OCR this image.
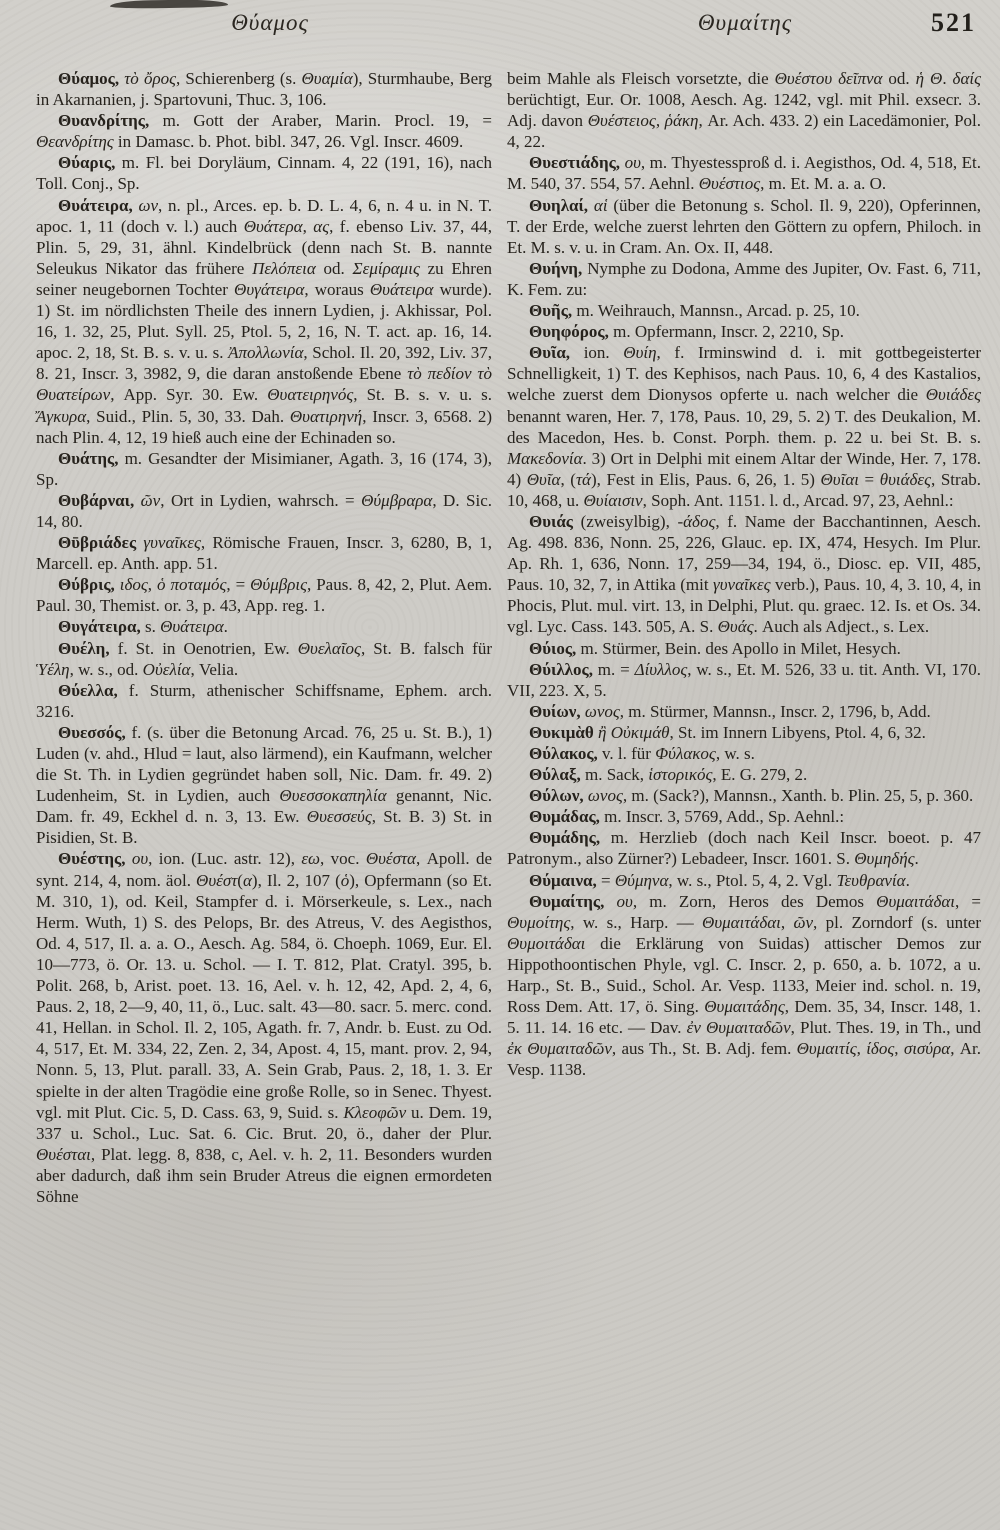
Θύαμος	Θυμαίτης	521

Θύαμος, τὸ ὄρος, Schierenberg (s. Θυαμία), Sturmhaube, Berg in Akarnanien, j. Spartovuni, Thuc. 3, 106.

Θυανδρίτης, m. Gott der Araber, Marin. Procl. 19, = Θεανδρίτης in Damasc. b. Phot. bibl. 347, 26. Vgl. Inscr. 4609.

Θύαρις, m. Fl. bei Doryläum, Cinnam. 4, 22 (191, 16), nach Toll. Conj., Sp.

Θυάτειρα, ων, n. pl., Arces. ep. b. D. L. 4, 6, n. 4 u. in N. T. apoc. 1, 11 (doch v. l.) auch Θυάτερα, ας, f. ebenso Liv. 37, 44, Plin. 5, 29, 31, ähnl. Kindelbrück (denn nach St. B. nannte Seleukus Nikator das frühere Πελόπεια od. Σεμίραμις zu Ehren seiner neugebornen Tochter Θυγάτειρα, woraus Θυάτειρα wurde). 1) St. im nördlichsten Theile des innern Lydien, j. Akhissar, Pol. 16, 1. 32, 25, Plut. Syll. 25, Ptol. 5, 2, 16, N. T. act. ap. 16, 14. apoc. 2, 18, St. B. s. v. u. s. Ἀπολλωνία, Schol. Il. 20, 392, Liv. 37, 8. 21, Inscr. 3, 3982, 9, die daran anstoßende Ebene τὸ πεδίον τὸ Θυατείρων, App. Syr. 30. Ew. Θυατειρηνός, St. B. s. v. u. s. Ἄγκυρα, Suid., Plin. 5, 30, 33. Dah. Θυατιρηνή, Inscr. 3, 6568. 2) nach Plin. 4, 12, 19 hieß auch eine der Echinaden so.

Θυάτης, m. Gesandter der Misimianer, Agath. 3, 16 (174, 3), Sp.

Θυβάρναι, ῶν, Ort in Lydien, wahrsch. = Θύμβραρα, D. Sic. 14, 80.

Θῡβριάδες γυναῖκες, Römische Frauen, Inscr. 3, 6280, B, 1, Marcell. ep. Anth. app. 51.

Θύβρις, ιδος, ὁ ποταμός, = Θύμβρις, Paus. 8, 42, 2, Plut. Aem. Paul. 30, Themist. or. 3, p. 43, App. reg. 1.

Θυγάτειρα, s. Θυάτειρα.

Θυέλη, f. St. in Oenotrien, Ew. Θυελαῖος, St. B. falsch für Ὑέλη, w. s., od. Οὐελία, Velia.

Θύελλα, f. Sturm, athenischer Schiffsname, Ephem. arch. 3216.

Θυεσσός, f. (s. über die Betonung Arcad. 76, 25 u. St. B.), 1) Luden (v. ahd., Hlud = laut, also lärmend), ein Kaufmann, welcher die St. Th. in Lydien gegründet haben soll, Nic. Dam. fr. 49. 2) Ludenheim, St. in Lydien, auch Θυεσσοκαπηλία genannt, Nic. Dam. fr. 49, Eckhel d. n. 3, 13. Ew. Θυεσσεύς, St. B. 3) St. in Pisidien, St. B.

Θυέστης, ου, ion. (Luc. astr. 12), εω, voc. Θυέστα, Apoll. de synt. 214, 4, nom. äol. Θυέστ(α), Il. 2, 107 (ὁ), Opfermann (so Et. M. 310, 1), od. Keil, Stampfer d. i. Mörserkeule, s. Lex., nach Herm. Wuth, 1) S. des Pelops, Br. des Atreus, V. des Aegisthos, Od. 4, 517, Il. a. a. O., Aesch. Ag. 584, ö. Choeph. 1069, Eur. El. 10—773, ö. Or. 13. u. Schol. — I. T. 812, Plat. Cratyl. 395, b. Polit. 268, b, Arist. poet. 13. 16, Ael. v. h. 12, 42, Apd. 2, 4, 6, Paus. 2, 18, 2—9, 40, 11, ö., Luc. salt. 43—80. sacr. 5. merc. cond. 41, Hellan. in Schol. Il. 2, 105, Agath. fr. 7, Andr. b. Eust. zu Od. 4, 517, Et. M. 334, 22, Zen. 2, 34, Apost. 4, 15, mant. prov. 2, 94, Nonn. 5, 13, Plut. parall. 33, A. Sein Grab, Paus. 2, 18, 1. 3. Er spielte in der alten Tragödie eine große Rolle, so in Senec. Thyest. vgl. mit Plut. Cic. 5, D. Cass. 63, 9, Suid. s. Κλεοφῶν u. Dem. 19, 337 u. Schol., Luc. Sat. 6. Cic. Brut. 20, ö., daher der Plur. Θυέσται, Plat. legg. 8, 838, c, Ael. v. h. 2, 11. Besonders wurden aber dadurch, daß ihm sein Bruder Atreus die eignen ermordeten Söhne

beim Mahle als Fleisch vorsetzte, die Θυέστου δεῖπνα od. ἡ Θ. δαίς berüchtigt, Eur. Or. 1008, Aesch. Ag. 1242, vgl. mit Phil. exsecr. 3. Adj. davon Θυέστειος, ῥάκη, Ar. Ach. 433. 2) ein Lacedämonier, Pol. 4, 22.

Θυεστιάδης, ου, m. Thyestessproß d. i. Aegisthos, Od. 4, 518, Et. M. 540, 37. 554, 57. Aehnl. Θυέστιος, m. Et. M. a. a. O.

Θυηλαί, αἱ (über die Betonung s. Schol. Il. 9, 220), Opferinnen, T. der Erde, welche zuerst lehrten den Göttern zu opfern, Philoch. in Et. M. s. v. u. in Cram. An. Ox. II, 448.

Θυήνη, Nymphe zu Dodona, Amme des Jupiter, Ov. Fast. 6, 711, K. Fem. zu:

Θυῆς, m. Weihrauch, Mannsn., Arcad. p. 25, 10.

Θυηφόρος, m. Opfermann, Inscr. 2, 2210, Sp.

Θυῖα, ion. Θυίη, f. Irminswind d. i. mit gottbegeisterter Schnelligkeit, 1) T. des Kephisos, nach Paus. 10, 6, 4 des Kastalios, welche zuerst dem Dionysos opferte u. nach welcher die Θυιάδες benannt waren, Her. 7, 178, Paus. 10, 29, 5. 2) T. des Deukalion, M. des Macedon, Hes. b. Const. Porph. them. p. 22 u. bei St. B. s. Μακεδονία. 3) Ort in Delphi mit einem Altar der Winde, Her. 7, 178. 4) Θυῖα, (τά), Fest in Elis, Paus. 6, 26, 1. 5) Θυῖαι = θυιάδες, Strab. 10, 468, u. Θυίαισιν, Soph. Ant. 1151. l. d., Arcad. 97, 23, Aehnl.:

Θυιάς (zweisylbig), -άδος, f. Name der Bacchantinnen, Aesch. Ag. 498. 836, Nonn. 25, 226, Glauc. ep. IX, 474, Hesych. Im Plur. Ap. Rh. 1, 636, Nonn. 17, 259—34, 194, ö., Diosc. ep. VII, 485, Paus. 10, 32, 7, in Attika (mit γυναῖκες verb.), Paus. 10, 4, 3. 10, 4, in Phocis, Plut. mul. virt. 13, in Delphi, Plut. qu. graec. 12. Is. et Os. 34. vgl. Lyc. Cass. 143. 505, A. S. Θυάς. Auch als Adject., s. Lex.

Θύιος, m. Stürmer, Bein. des Apollo in Milet, Hesych.

Θύιλλος, m. = Δίυλλος, w. s., Et. M. 526, 33 u. tit. Anth. VI, 170. VII, 223. X, 5.

Θυίων, ωνος, m. Stürmer, Mannsn., Inscr. 2, 1796, b, Add.

Θυκιμὰθ ἢ Οὐκιμάθ, St. im Innern Libyens, Ptol. 4, 6, 32.

Θύλακος, v. l. für Φύλακος, w. s.

Θύλαξ, m. Sack, ἱστορικός, E. G. 279, 2.

Θύλων, ωνος, m. (Sack?), Mannsn., Xanth. b. Plin. 25, 5, p. 360.

Θυμάδας, m. Inscr. 3, 5769, Add., Sp. Aehnl.:

Θυμάδης, m. Herzlieb (doch nach Keil Inscr. boeot. p. 47 Patronym., also Zürner?) Lebadeer, Inscr. 1601. S. Θυμηδής.

Θύμαινα, = Θύμηνα, w. s., Ptol. 5, 4, 2. Vgl. Τευθρανία.

Θυμαίτης, ου, m. Zorn, Heros des Demos Θυμαιτάδαι, = Θυμοίτης, w. s., Harp. — Θυμαιτάδαι, ῶν, pl. Zorndorf (s. unter Θυμοιτάδαι die Erklärung von Suidas) attischer Demos zur Hippothoontischen Phyle, vgl. C. Inscr. 2, p. 650, a. b. 1072, a u. Harp., St. B., Suid., Schol. Ar. Vesp. 1133, Meier ind. schol. n. 19, Ross Dem. Att. 17, ö. Sing. Θυμαιτάδης, Dem. 35, 34, Inscr. 148, 1. 5. 11. 14. 16 etc. — Dav. ἐν Θυμαιταδῶν, Plut. Thes. 19, in Th., und ἐκ Θυμαιταδῶν, aus Th., St. B. Adj. fem. Θυμαιτίς, ίδος, σισύρα, Ar. Vesp. 1138.
